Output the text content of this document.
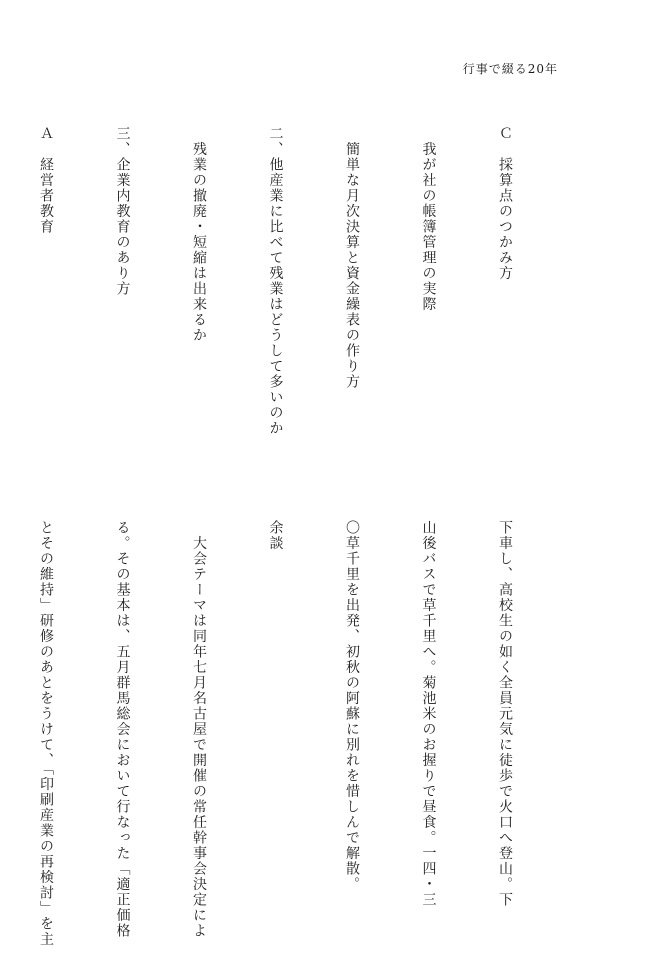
行事で綴る20年

Ｃ　採算点のつかみ方

　我が社の帳簿管理の実際

　簡単な月次決算と資金繰表の作り方

二、他産業に比べて残業はどうして多いのか

　残業の撤廃・短縮は出来るか

三、企業内教育のあり方

Ａ　経営者教育

下車し、高校生の如く全員元気に徒歩で火口へ登山。下

山後バスで草千里へ。菊池米のお握りで昼食。一四・三

〇草千里を出発、初秋の阿蘇に別れを惜しんで解散。

余談

　大会テーマは同年七月名古屋で開催の常任幹事会決定によ

る。その基本は、五月群馬総会において行なった「適正価格

とその維持」研修のあとをうけて、「印刷産業の再検討」を主
